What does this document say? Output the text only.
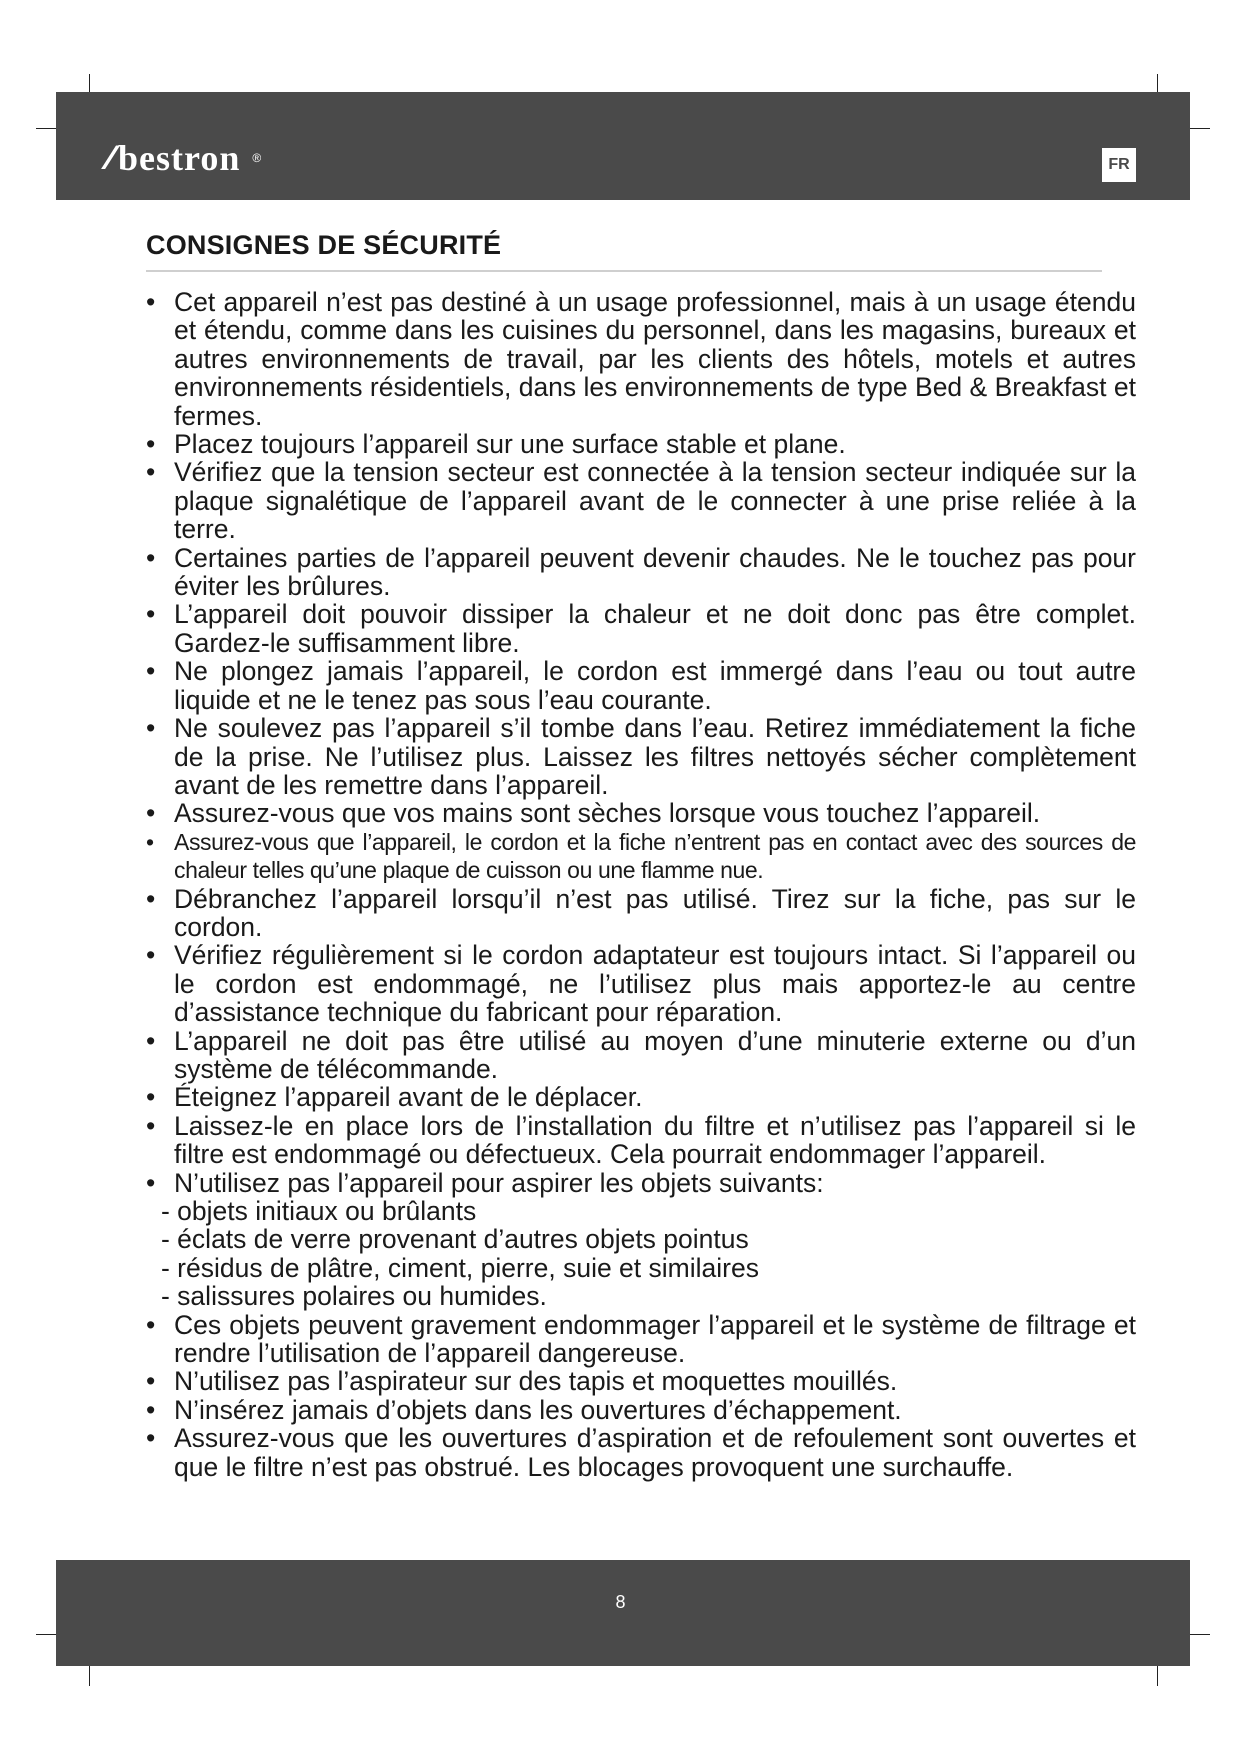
bestron ®	FR
CONSIGNES DE SÉCURITÉ
• Cet appareil n’est pas destiné à un usage professionnel, mais à un usage étendu et étendu, comme dans les cuisines du personnel, dans les magasins, bureaux et autres environnements de travail, par les clients des hôtels, motels et autres environnements résidentiels, dans les environnements de type Bed & Breakfast et fermes.
• Placez toujours l’appareil sur une surface stable et plane.
• Vérifiez que la tension secteur est connectée à la tension secteur indiquée sur la plaque signalétique de l’appareil avant de le connecter à une prise reliée à la terre.
• Certaines parties de l’appareil peuvent devenir chaudes. Ne le touchez pas pour éviter les brûlures.
• L’appareil doit pouvoir dissiper la chaleur et ne doit donc pas être complet. Gardez-le suffisamment libre.
• Ne plongez jamais l’appareil, le cordon est immergé dans l’eau ou tout autre liquide et ne le tenez pas sous l’eau courante.
• Ne soulevez pas l’appareil s’il tombe dans l’eau. Retirez immédiatement la fiche de la prise. Ne l’utilisez plus. Laissez les filtres nettoyés sécher complètement avant de les remettre dans l’appareil.
• Assurez-vous que vos mains sont sèches lorsque vous touchez l’appareil.
• Assurez-vous que l’appareil, le cordon et la fiche n’entrent pas en contact avec des sources de chaleur telles qu’une plaque de cuisson ou une flamme nue.
• Débranchez l’appareil lorsqu’il n’est pas utilisé. Tirez sur la fiche, pas sur le cordon.
• Vérifiez régulièrement si le cordon adaptateur est toujours intact. Si l’appareil ou le cordon est endommagé, ne l’utilisez plus mais apportez-le au centre d’assistance technique du fabricant pour réparation.
• L’appareil ne doit pas être utilisé au moyen d’une minuterie externe ou d’un système de télécommande.
• Éteignez l’appareil avant de le déplacer.
• Laissez-le en place lors de l’installation du filtre et n’utilisez pas l’appareil si le filtre est endommagé ou défectueux. Cela pourrait endommager l’appareil.
• N’utilisez pas l’appareil pour aspirer les objets suivants:
- objets initiaux ou brûlants
- éclats de verre provenant d’autres objets pointus
- résidus de plâtre, ciment, pierre, suie et similaires
- salissures polaires ou humides.
• Ces objets peuvent gravement endommager l’appareil et le système de filtrage et rendre l’utilisation de l’appareil dangereuse.
• N’utilisez pas l’aspirateur sur des tapis et moquettes mouillés.
• N’insérez jamais d’objets dans les ouvertures d’échappement.
• Assurez-vous que les ouvertures d’aspiration et de refoulement sont ouvertes et que le filtre n’est pas obstrué. Les blocages provoquent une surchauffe.
8
